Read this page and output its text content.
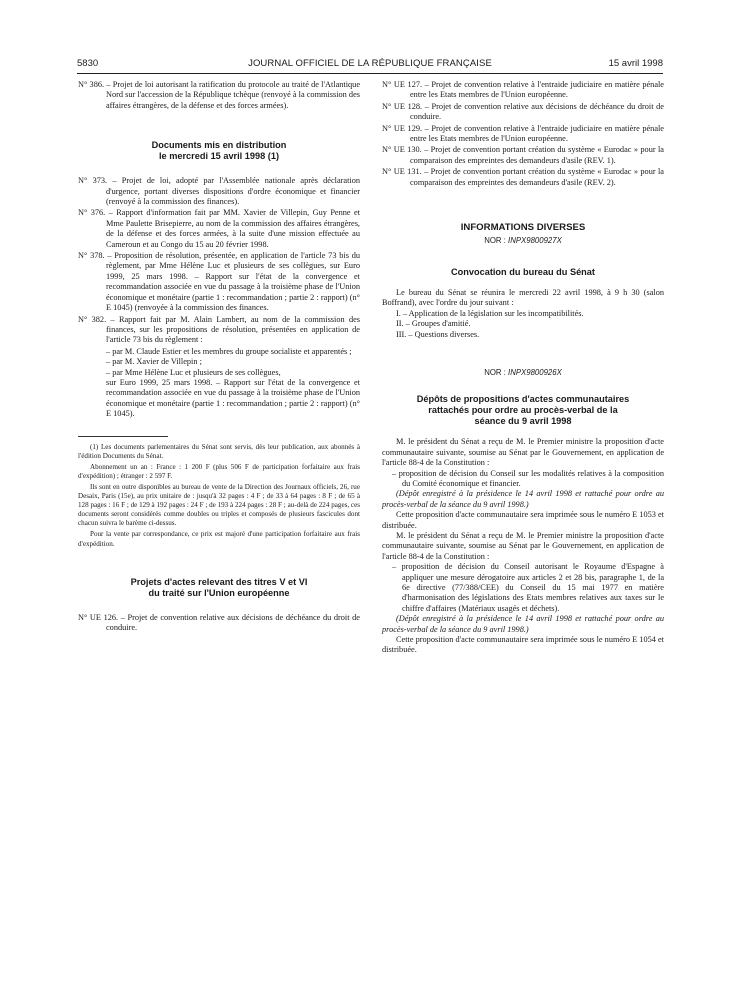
5830	JOURNAL OFFICIEL DE LA RÉPUBLIQUE FRANÇAISE	15 avril 1998

N° 386. – Projet de loi autorisant la ratification du protocole au traité de l'Atlantique Nord sur l'accession de la République tchèque (renvoyé à la commission des affaires étrangères, de la défense et des forces armées).

Documents mis en distribution

le mercredi 15 avril 1998 (1)

N° 373. – Projet de loi, adopté par l'Assemblée nationale après déclaration d'urgence, portant diverses dispositions d'ordre économique et financier (renvoyé à la commission des finances).

N° 376. – Rapport d'information fait par MM. Xavier de Villepin, Guy Penne et Mme Paulette Brisepierre, au nom de la commission des affaires étrangères, de la défense et des forces armées, à la suite d'une mission effectuée au Cameroun et au Congo du 15 au 20 février 1998.

N° 378. – Proposition de résolution, présentée, en application de l'article 73 bis du règlement, par Mme Hélène Luc et plusieurs de ses collègues, sur Euro 1999, 25 mars 1998. – Rapport sur l'état de la convergence et recommandation associée en vue du passage à la troisième phase de l'Union économique et monétaire (partie 1 : recommandation ; partie 2 : rapport) (n° E 1045) (renvoyée à la commission des finances.

N° 382. – Rapport fait par M. Alain Lambert, au nom de la commission des finances, sur les propositions de résolution, présentées en application de l'article 73 bis du règlement :

– par M. Claude Estier et les membres du groupe socialiste et apparentés ;

– par M. Xavier de Villepin ;

– par Mme Hélène Luc et plusieurs de ses collègues,

sur Euro 1999, 25 mars 1998. – Rapport sur l'état de la convergence et recommandation associée en vue du passage à la troisième phase de l'Union économique et monétaire (partie 1 : recommandation ; partie 2 : rapport) (n° E 1045).

(1) Les documents parlementaires du Sénat sont servis, dès leur publication, aux abonnés à l'édition Documents du Sénat.

Abonnement un an : France : 1 200 F (plus 506 F de participation forfaitaire aux frais d'expédition) ; étranger : 2 597 F.

Ils sont en outre disponibles au bureau de vente de la Direction des Journaux officiels, 26, rue Desaix, Paris (15e), au prix unitaire de : jusqu'à 32 pages : 4 F ; de 33 à 64 pages : 8 F ; de 65 à 128 pages : 16 F ; de 129 à 192 pages : 24 F ; de 193 à 224 pages : 28 F ; au-delà de 224 pages, ces documents seront considérés comme doubles ou triples et composés de plusieurs fascicules dont chacun suivra le barème ci-dessus.

Pour la vente par correspondance, ce prix est majoré d'une participation forfaitaire aux frais d'expédition.

Projets d'actes relevant des titres V et VI

du traité sur l'Union européenne

N° UE 126. – Projet de convention relative aux décisions de déchéance du droit de conduire.

N° UE 127. – Projet de convention relative à l'entraide judiciaire en matière pénale entre les Etats membres de l'Union européenne.

N° UE 128. – Projet de convention relative aux décisions de déchéance du droit de conduire.

N° UE 129. – Projet de convention relative à l'entraide judiciaire en matière pénale entre les Etats membres de l'Union européenne.

N° UE 130. – Projet de convention portant création du système « Eurodac » pour la comparaison des empreintes des demandeurs d'asile (REV. 1).

N° UE 131. – Projet de convention portant création du système « Eurodac » pour la comparaison des empreintes des demandeurs d'asile (REV. 2).

INFORMATIONS DIVERSES

NOR : INPX9800927X

Convocation du bureau du Sénat

Le bureau du Sénat se réunira le mercredi 22 avril 1998, à 9 h 30 (salon Boffrand), avec l'ordre du jour suivant :

I. – Application de la législation sur les incompatibilités.

II. – Groupes d'amitié.

III. – Questions diverses.

NOR : INPX9800926X

Dépôts de propositions d'actes communautaires

rattachés pour ordre au procès-verbal de la

séance du 9 avril 1998

M. le président du Sénat a reçu de M. le Premier ministre la proposition d'acte communautaire suivante, soumise au Sénat par le Gouvernement, en application de l'article 88-4 de la Constitution :

– proposition de décision du Conseil sur les modalités relatives à la composition du Comité économique et financier.

(Dépôt enregistré à la présidence le 14 avril 1998 et rattaché pour ordre au procès-verbal de la séance du 9 avril 1998.)

Cette proposition d'acte communautaire sera imprimée sous le numéro E 1053 et distribuée.

M. le président du Sénat a reçu de M. le Premier ministre la proposition d'acte communautaire suivante, soumise au Sénat par le Gouvernement, en application de l'article 88-4 de la Constitution :

– proposition de décision du Conseil autorisant le Royaume d'Espagne à appliquer une mesure dérogatoire aux articles 2 et 28 bis, paragraphe 1, de la 6e directive (77/388/CEE) du Conseil du 15 mai 1977 en matière d'harmonisation des législations des Etats membres relatives aux taxes sur le chiffre d'affaires (Matériaux usagés et déchets).

(Dépôt enregistré à la présidence le 14 avril 1998 et rattaché pour ordre au procès-verbal de la séance du 9 avril 1998.)

Cette proposition d'acte communautaire sera imprimée sous le numéro E 1054 et distribuée.
